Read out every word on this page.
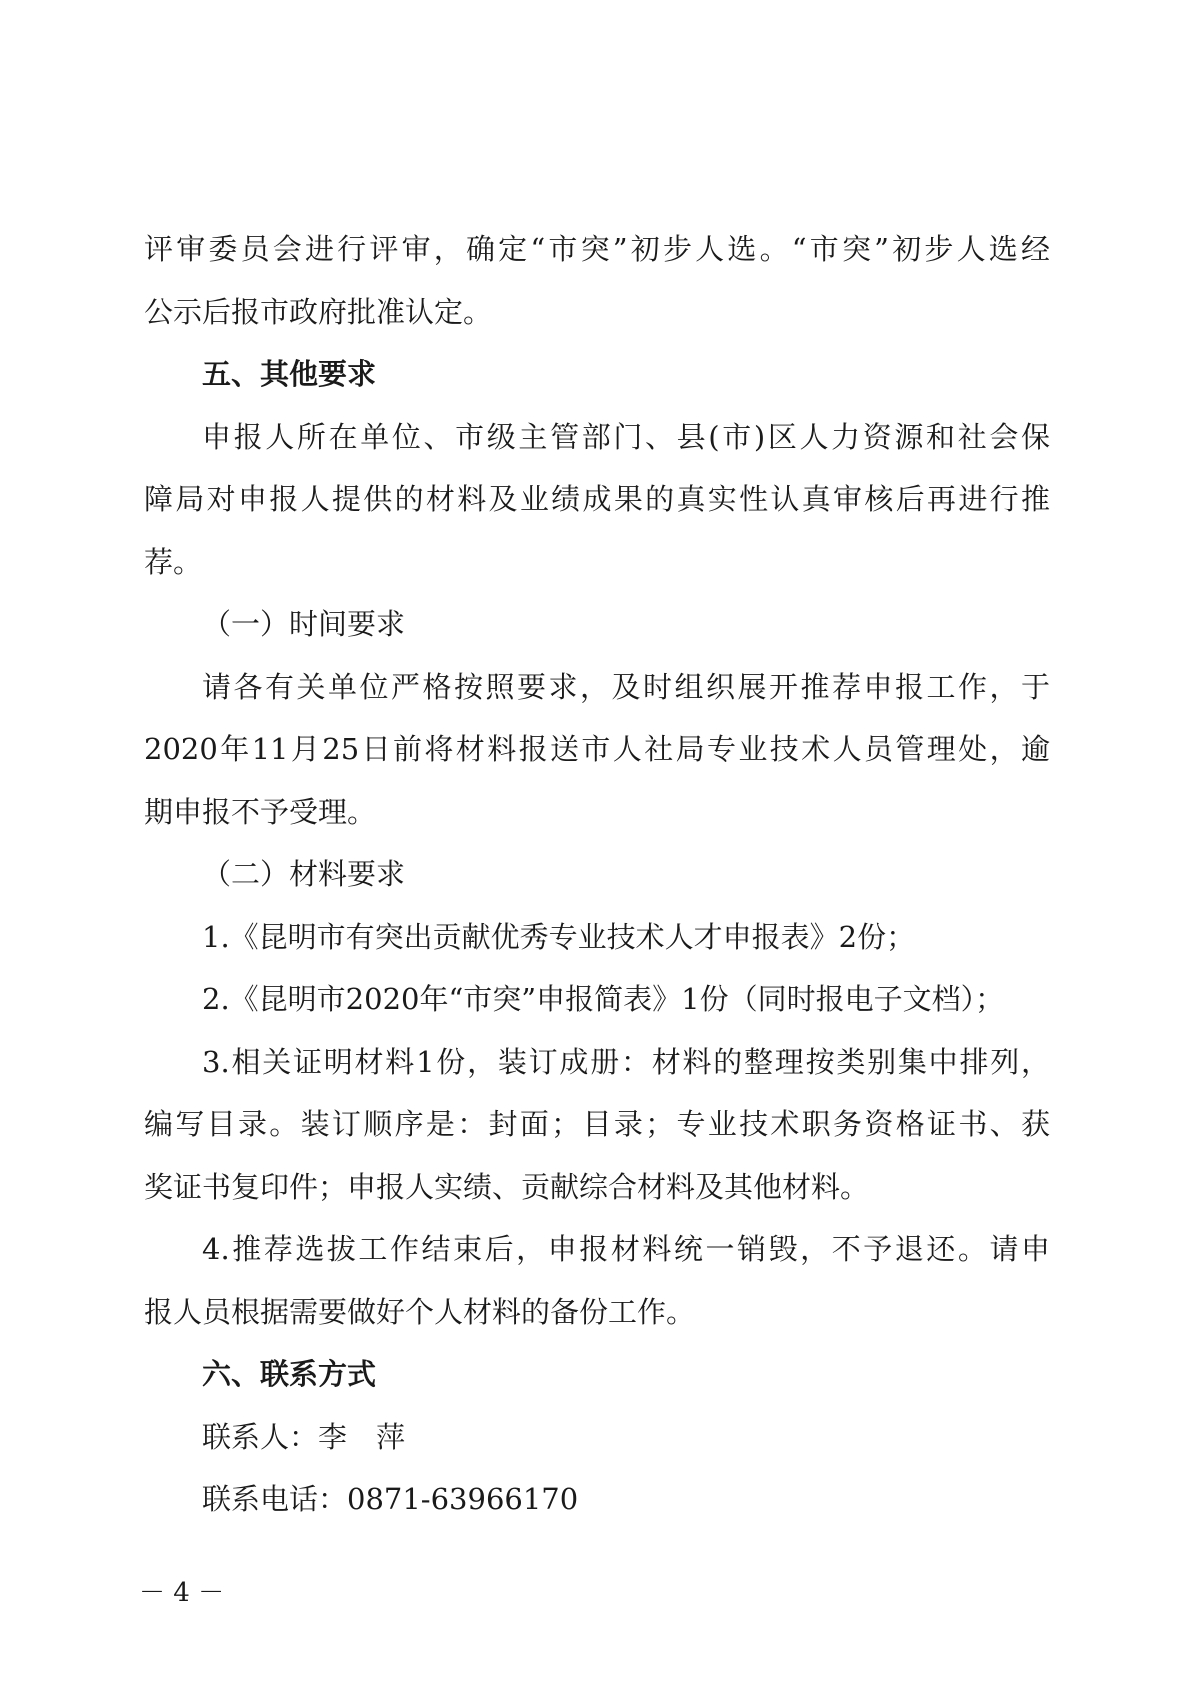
评审委员会进行评审，确定“市突”初步人选。“市突”初步人选经
公示后报市政府批准认定。
五、其他要求
申报人所在单位、市级主管部门、县(市)区人力资源和社会保
障局对申报人提供的材料及业绩成果的真实性认真审核后再进行推
荐。
（一）时间要求
请各有关单位严格按照要求，及时组织展开推荐申报工作，于
2020年11月25日前将材料报送市人社局专业技术人员管理处，逾
期申报不予受理。
（二）材料要求
1.《昆明市有突出贡献优秀专业技术人才申报表》2份；
2.《昆明市2020年“市突”申报简表》1份（同时报电子文档）；
3.相关证明材料1份，装订成册：材料的整理按类别集中排列，
编写目录。装订顺序是：封面；目录；专业技术职务资格证书、获
奖证书复印件；申报人实绩、贡献综合材料及其他材料。
4.推荐选拔工作结束后，申报材料统一销毁，不予退还。请申
报人员根据需要做好个人材料的备份工作。
六、联系方式
联系人：李　萍
联系电话：0871-63966170
－ 4 －
